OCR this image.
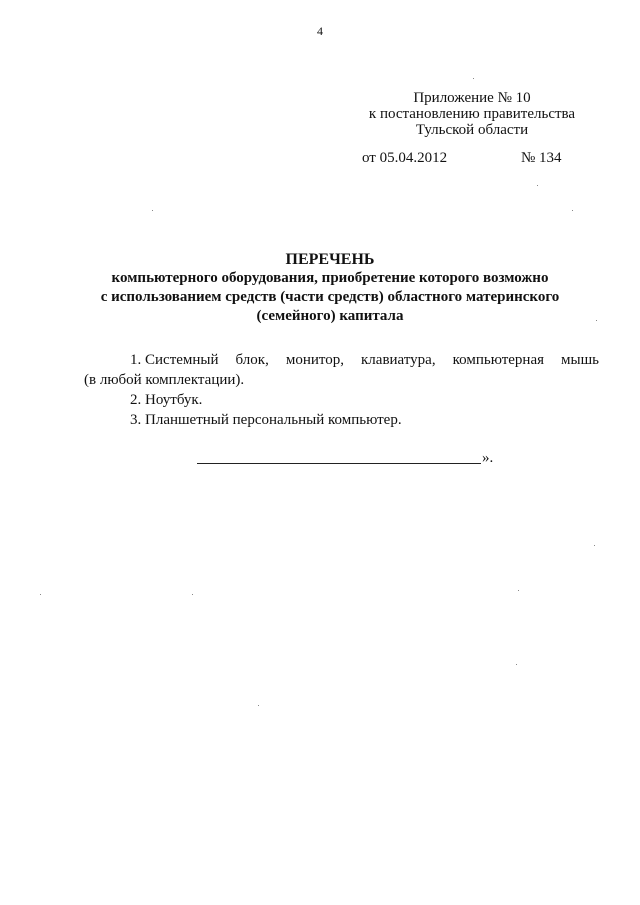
4
Приложение № 10
к постановлению правительства
Тульской области
от 05.04.2012	№ 134
ПЕРЕЧЕНЬ
компьютерного оборудования, приобретение которого возможно
с использованием средств (части средств) областного материнского
(семейного) капитала
1. Системный блок, монитор, клавиатура, компьютерная мышь
(в любой комплектации).
2. Ноутбук.
3. Планшетный персональный компьютер.
».
